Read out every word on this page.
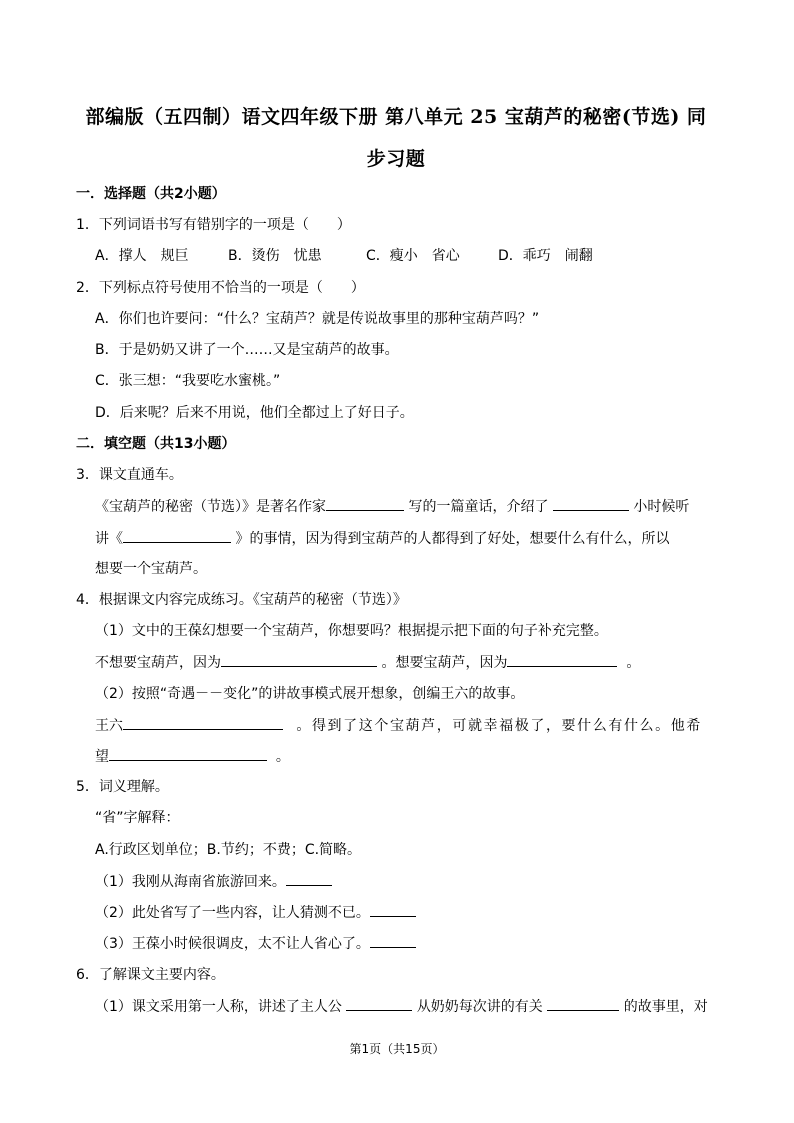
部编版（五四制）语文四年级下册 第八单元 25 宝葫芦的秘密(节选) 同
步习题
一．选择题（共2小题）
1．下列词语书写有错别字的一项是（　　）
A．撑人　规巨	B．烫伤　忧患	C．瘦小　省心	D．乖巧　闹翻
2．下列标点符号使用不恰当的一项是（　　）
A．你们也许要问：“什么？宝葫芦？就是传说故事里的那种宝葫芦吗？”
B．于是奶奶又讲了一个……又是宝葫芦的故事。
C．张三想：“我要吃水蜜桃。”
D．后来呢？后来不用说，他们全都过上了好日子。
二．填空题（共13小题）
3．课文直通车。
《宝葫芦的秘密（节选）》是著名作家	写的一篇童话，介绍了	小时候听
讲《	》的事情，因为得到宝葫芦的人都得到了好处，想要什么有什么，所以
想要一个宝葫芦。
4．根据课文内容完成练习。《宝葫芦的秘密（节选）》
（1）文中的王葆幻想要一个宝葫芦，你想要吗？根据提示把下面的句子补充完整。
不想要宝葫芦，因为	。想要宝葫芦，因为	。
（2）按照“奇遇－－变化”的讲故事模式展开想象，创编王六的故事。
王六	。得到了这个宝葫芦，可就幸福极了，要什么有什么。他希
望	。
5．词义理解。
“省”字解释：
A.行政区划单位；B.节约；不费；C.简略。
（1）我刚从海南省旅游回来。
（2）此处省写了一些内容，让人猜测不已。
（3）王葆小时候很调皮，太不让人省心了。
6．了解课文主要内容。
（1）课文采用第一人称，讲述了主人公	从奶奶每次讲的有关	的故事里，对
第1页（共15页）
